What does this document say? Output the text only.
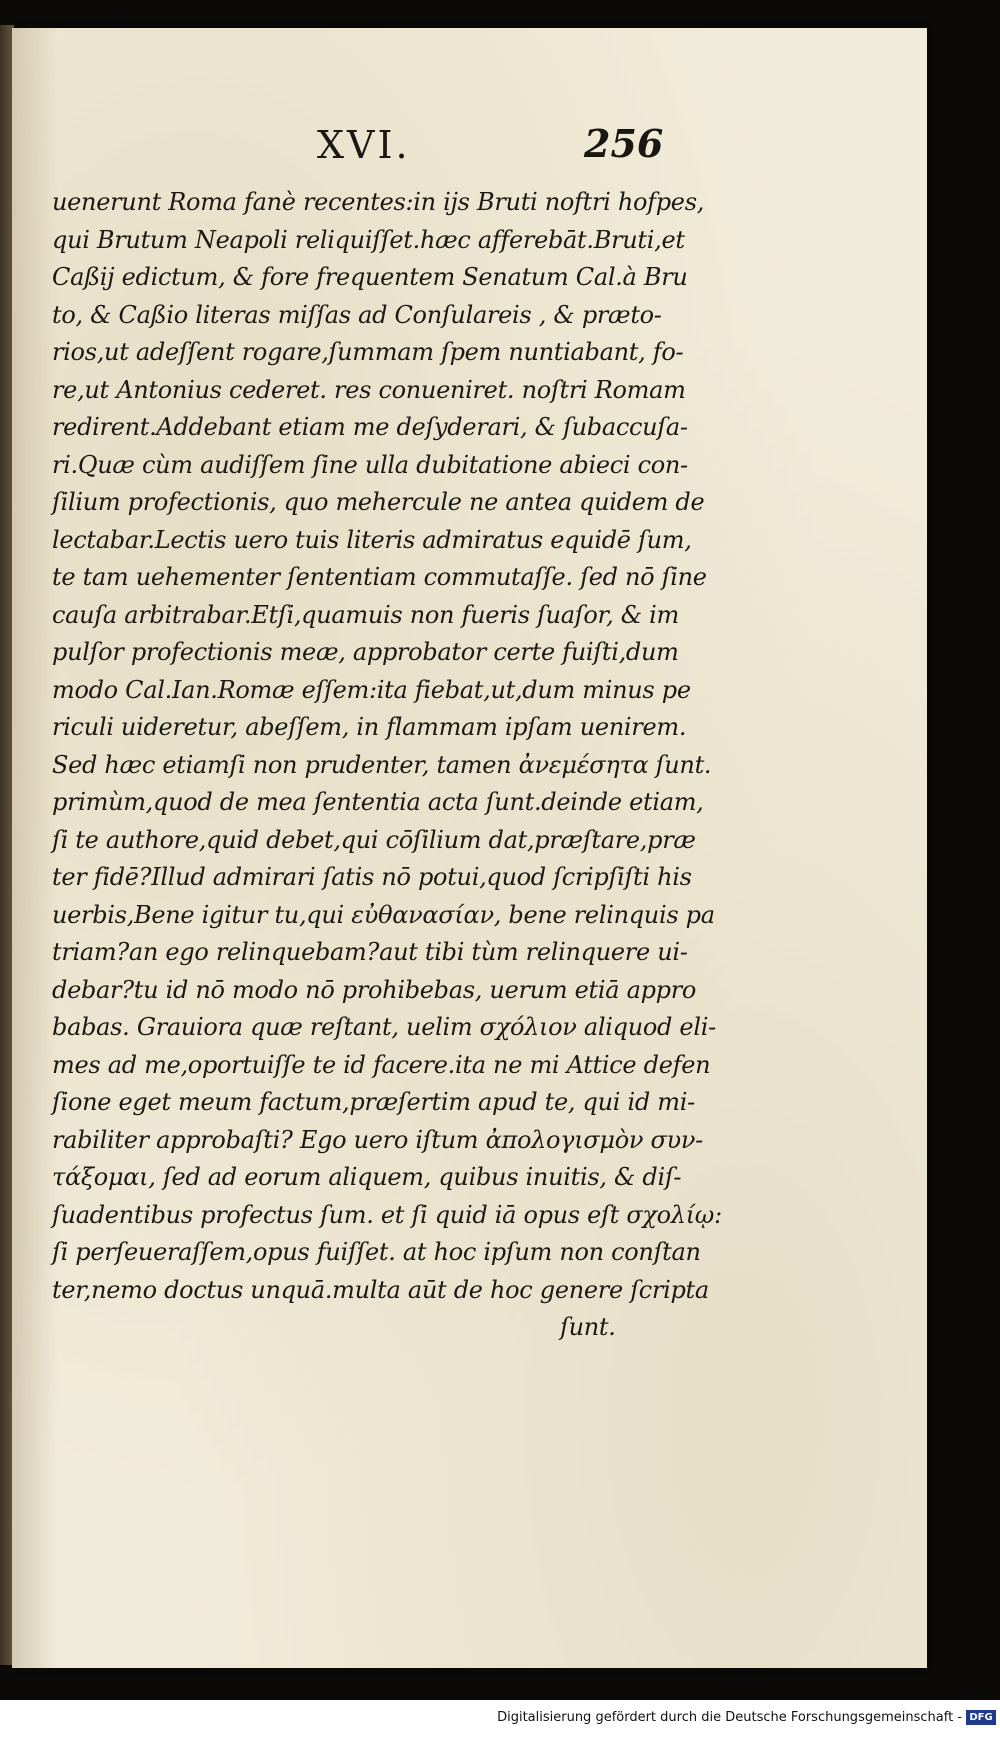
XVI.	256
uenerunt Roma fanè recentes:in ijs Bruti noftri hofpes,
qui Brutum Neapoli reliquiſſet.hæc afferebāt.Bruti,et
Caßij edictum, & fore frequentem Senatum Cal.à Bru
to, & Caßio literas miſſas ad Conſulareis , & præto-
rios,ut adeſſent rogare,ſummam ſpem nuntiabant, fo-
re,ut Antonius cederet. res conueniret. noſtri Romam
redirent.Addebant etiam me deſyderari, & ſubaccuſa-
ri.Quæ cùm audiſſem ſine ulla dubitatione abieci con-
ſilium profectionis, quo mehercule ne antea quidem de
lectabar.Lectis uero tuis literis admiratus equidē ſum,
te tam uehementer ſententiam commutaſſe. ſed nō ſine
cauſa arbitrabar.Etſi,quamuis non fueris ſuaſor, & im
pulſor profectionis meæ, approbator certe fuiſti,dum
modo Cal.Ian.Romæ eſſem:ita fiebat,ut,dum minus pe
riculi uideretur, abeſſem, in flammam ipſam uenirem.
Sed hæc etiamſi non prudenter, tamen ἀνεμέσητα ſunt.
primùm,quod de mea ſententia acta ſunt.deinde etiam,
ſi te authore,quid debet,qui cōſilium dat,præſtare,præ
ter fidē?Illud admirari ſatis nō potui,quod ſcripſiſti his
uerbis,Bene igitur tu,qui εὐθανασίαν, bene relinquis pa
triam?an ego relinquebam?aut tibi tùm relinquere ui-
debar?tu id nō modo nō prohibebas, uerum etiā appro
babas. Grauiora quæ reſtant, uelim σχόλιον aliquod eli-
mes ad me,oportuiſſe te id facere.ita ne mi Attice defen
ſione eget meum factum,præſertim apud te, qui id mi-
rabiliter approbaſti? Ego uero iſtum ἀπολογισμὸν συν-
τάξομαι, ſed ad eorum aliquem, quibus inuitis, & diſ-
ſuadentibus profectus ſum. et ſi quid iā opus eſt σχολίῳ:
ſi perſeueraſſem,opus fuiſſet. at hoc ipſum non conſtan
ter,nemo doctus unquā.multa aūt de hoc genere ſcripta
ſunt.
Digitalisierung gefördert durch die Deutsche Forschungsgemeinschaft - DFG
